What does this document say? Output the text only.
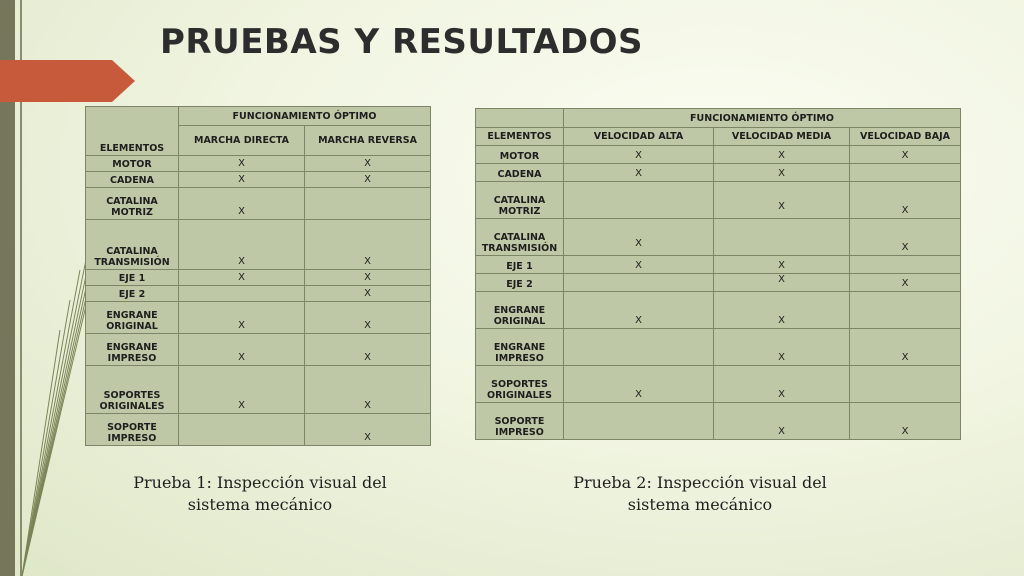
PRUEBAS Y RESULTADOS
ELEMENTOS	FUNCIONAMIENTO ÓPTIMO	
	MARCHA DIRECTA	MARCHA REVERSA
MOTOR	X	X
CADENA	X	X
CATALINA MOTRIZ	X	
CATALINA TRANSMISIÓN	X	X
EJE 1	X	X
EJE 2		X
ENGRANE ORIGINAL	X	X
ENGRANE IMPRESO	X	X
SOPORTES ORIGINALES	X	X
SOPORTE IMPRESO		X
	FUNCIONAMIENTO ÓPTIMO		
ELEMENTOS	VELOCIDAD ALTA	VELOCIDAD MEDIA	VELOCIDAD BAJA
MOTOR	X	X	X
CADENA	X	X	
CATALINA MOTRIZ		X	X
CATALINA TRANSMISIÓN	X		X
EJE 1	X	X	
EJE 2		X	X
ENGRANE ORIGINAL	X	X	
ENGRANE IMPRESO		X	X
SOPORTES ORIGINALES	X	X	
SOPORTE IMPRESO		X	X
Prueba 1: Inspección visual del
sistema mecánico
Prueba 2: Inspección visual del
sistema mecánico
